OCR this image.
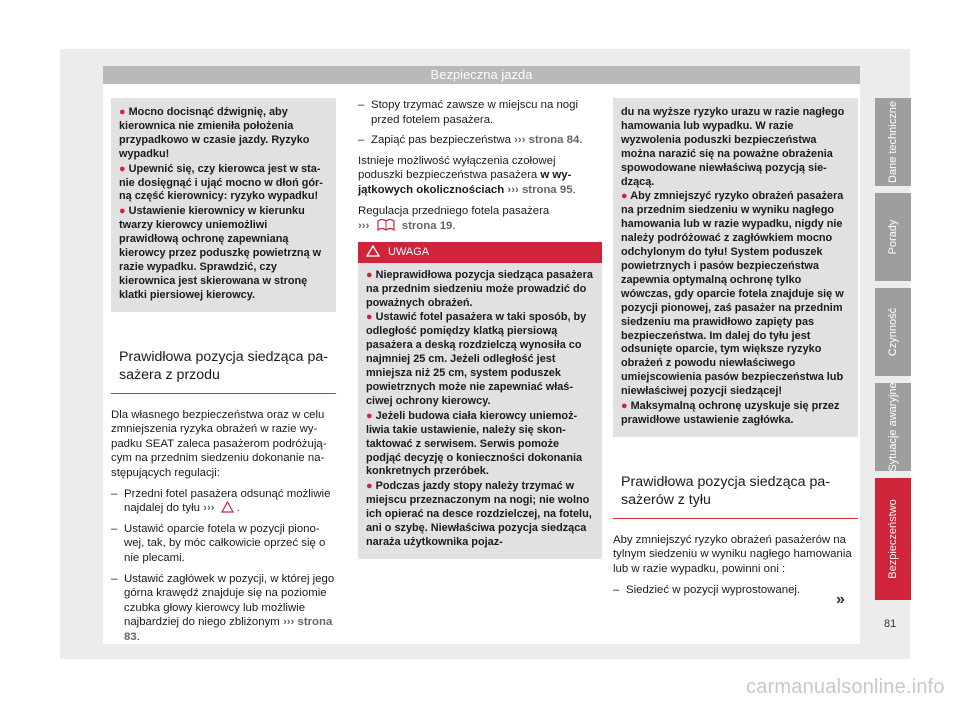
Bezpieczna jazda
● Mocno docisnąć dźwignię, aby kierownica nie zmieniła położenia przypadkowo w czasie jazdy. Ryzyko wypadku!
● Upewnić się, czy kierowca jest w stanie dosięgnąć i ująć mocno w dłoń górną część kierownicy: ryzyko wypadku!
● Ustawienie kierownicy w kierunku twarzy kierowcy uniemożliwi prawidłową ochronę zapewnianą kierowcy przez poduszkę powietrzną w razie wypadku. Sprawdzić, czy kierownica jest skierowana w stronę klatki piersiowej kierowcy.
Prawidłowa pozycja siedząca pasażera z przodu

Dla własnego bezpieczeństwa oraz w celu zmniejszenia ryzyka obrażeń w razie wypadku SEAT zaleca pasażerom podróżującym na przednim siedzeniu dokonanie następujących regulacji:

– Przedni fotel pasażera odsunąć możliwie najdalej do tyłu ››› .
– Ustawić oparcie fotela w pozycji pionowej, tak, by móc całkowicie oprzeć się o nie plecami.
– Ustawić zagłówek w pozycji, w której jego górna krawędź znajduje się na poziomie czubka głowy kierowcy lub możliwie najbardziej do niego zbliżonym ››› strona 83.
– Stopy trzymać zawsze w miejscu na nogi przed fotelem pasażera.
– Zapiąć pas bezpieczeństwa ››› strona 84.

Istnieje możliwość wyłączenia czołowej poduszki bezpieczeństwa pasażera w wyjątkowych okolicznościach ››› strona 95.

Regulacja przedniego fotela pasażera
›››	strona 19.

UWAGA
● Nieprawidłowa pozycja siedząca pasażera na przednim siedzeniu może prowadzić do poważnych obrażeń.
● Ustawić fotel pasażera w taki sposób, by odległość pomiędzy klatką piersiową pasażera a deską rozdzielczą wynosiła co najmniej 25 cm. Jeżeli odległość jest mniejsza niż 25 cm, system poduszek powietrznych może nie zapewniać właściwej ochrony kierowcy.
● Jeżeli budowa ciała kierowcy uniemożliwia takie ustawienie, należy się skontaktować z serwisem. Serwis pomoże podjąć decyzję o konieczności dokonania konkretnych przeróbek.
● Podczas jazdy stopy należy trzymać w miejscu przeznaczonym na nogi; nie wolno ich opierać na desce rozdzielczej, na fotelu, ani o szybę. Niewłaściwa pozycja siedząca naraża użytkownika pojaz-
du na wyższe ryzyko urazu w razie nagłego hamowania lub wypadku. W razie wyzwolenia poduszki bezpieczeństwa można narazić się na poważne obrażenia spowodowane niewłaściwą pozycją siedzącą.
● Aby zmniejszyć ryzyko obrażeń pasażera na przednim siedzeniu w wyniku nagłego hamowania lub w razie wypadku, nigdy nie należy podróżować z zagłówkiem mocno odchylonym do tyłu! System poduszek powietrznych i pasów bezpieczeństwa zapewnia optymalną ochronę tylko wówczas, gdy oparcie fotela znajduje się w pozycji pionowej, zaś pasażer na przednim siedzeniu ma prawidłowo zapięty pas bezpieczeństwa. Im dalej do tyłu jest odsunięte oparcie, tym większe ryzyko obrażeń z powodu niewłaściwego umiejscowienia pasów bezpieczeństwa lub niewłaściwej pozycji siedzącej!
● Maksymalną ochronę uzyskuje się przez prawidłowe ustawienie zagłówka.
Prawidłowa pozycja siedząca pasażerów z tyłu

Aby zmniejszyć ryzyko obrażeń pasażerów na tylnym siedzeniu w wyniku nagłego hamowania lub w razie wypadku, powinni oni :

– Siedzieć w pozycji wyprostowanej.
»
Dane techniczne
Porady
Czynność
Sytuacje awaryjne
Bezpieczeństwo
81
carmanualsonline.info
